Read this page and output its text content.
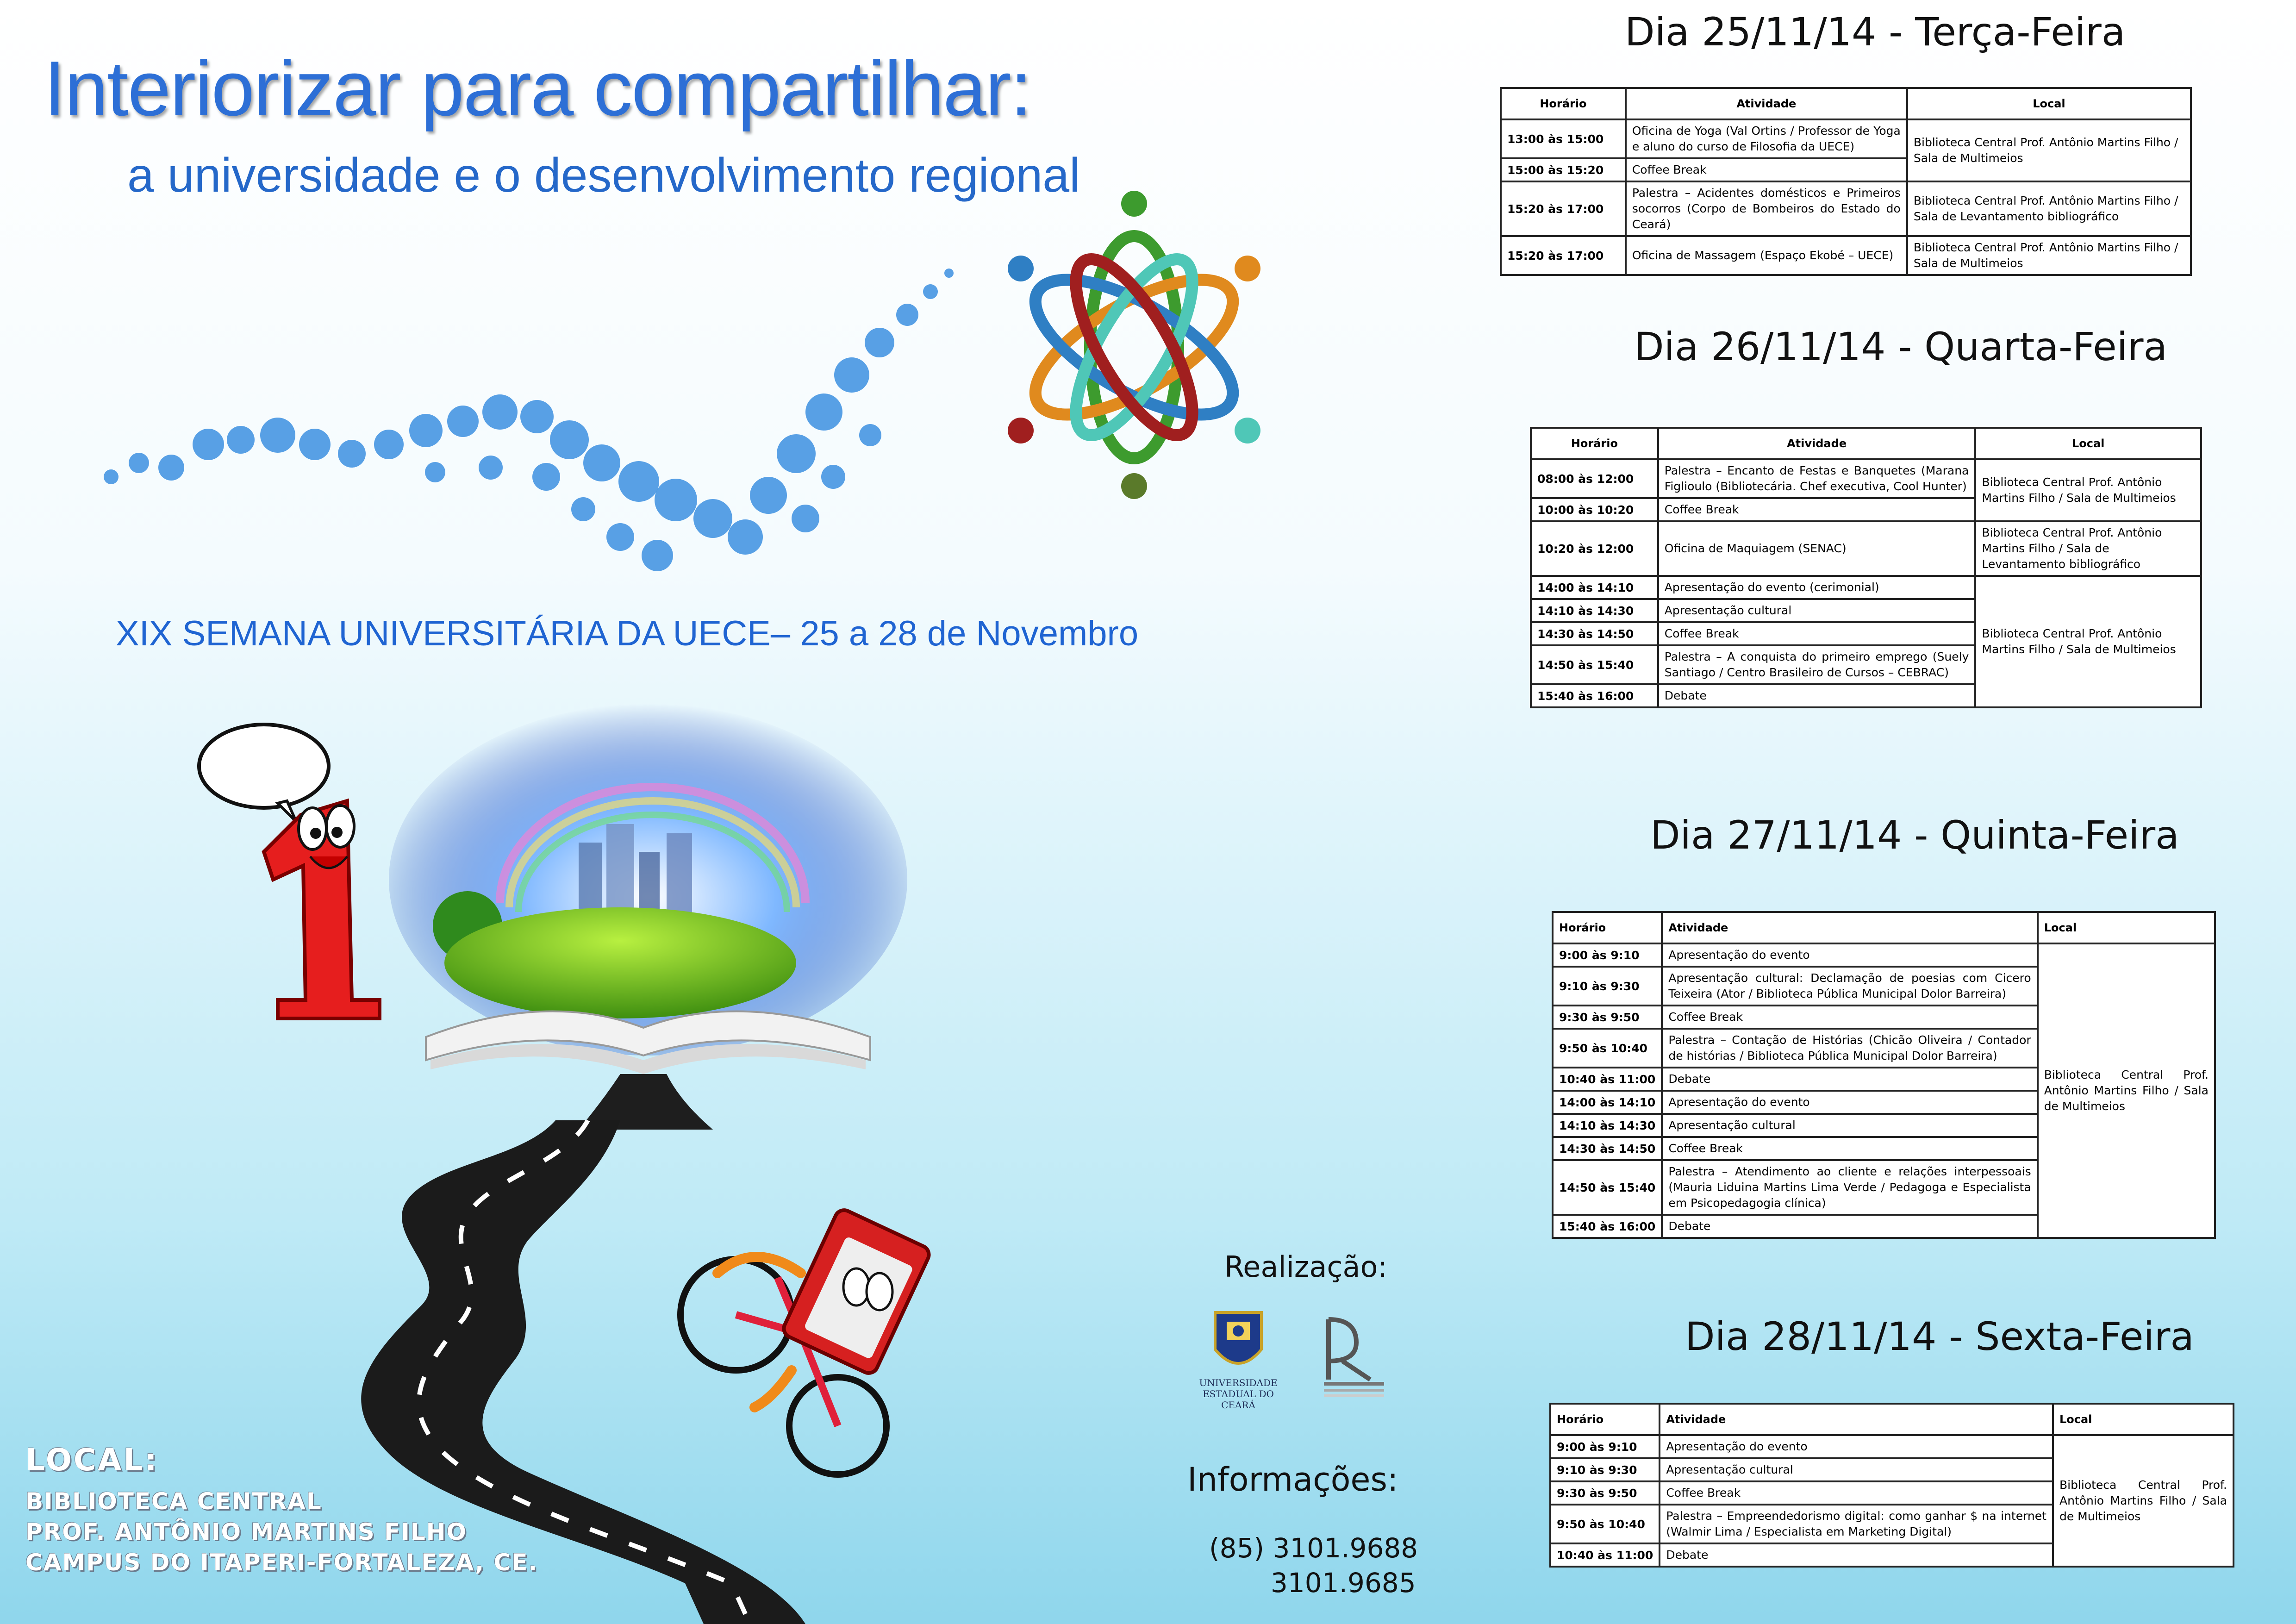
Interiorizar para compartilhar:
a universidade e o desenvolvimento regional
XIX SEMANA UNIVERSITÁRIA DA UECE– 25 a 28 de Novembro
Dia 25/11/14 - Terça-Feira
Horário	Atividade	Local
13:00 às 15:00	Oficina de Yoga (Val Ortins / Professor de Yoga e aluno do curso de Filosofia da UECE)	Biblioteca Central Prof. Antônio Martins Filho / Sala de Multimeios
15:00 às 15:20	Coffee Break	
15:20 às 17:00	Palestra – Acidentes domésticos e Primeiros socorros (Corpo de Bombeiros do Estado do Ceará)	Biblioteca Central Prof. Antônio Martins Filho / Sala de Levantamento bibliográfico
15:20 às 17:00	Oficina de Massagem (Espaço Ekobé – UECE)	Biblioteca Central Prof. Antônio Martins Filho / Sala de Multimeios
Dia 26/11/14 - Quarta-Feira
Horário	Atividade	Local
08:00 às 12:00	Palestra – Encanto de Festas e Banquetes (Marana Figlioulo (Bibliotecária. Chef executiva, Cool Hunter)	Biblioteca Central Prof. Antônio Martins Filho / Sala de Multimeios
10:00 às 10:20	Coffee Break	
10:20 às 12:00	Oficina de Maquiagem (SENAC)	Biblioteca Central Prof. Antônio Martins Filho / Sala de Levantamento bibliográfico
14:00 às 14:10	Apresentação do evento (cerimonial)	Biblioteca Central Prof. Antônio Martins Filho / Sala de Multimeios
14:10 às 14:30	Apresentação cultural	
14:30 às 14:50	Coffee Break	
14:50 às 15:40	Palestra – A conquista do primeiro emprego (Suely Santiago / Centro Brasileiro de Cursos – CEBRAC)	
15:40 às 16:00	Debate	
Dia 27/11/14 - Quinta-Feira
Horário	Atividade	Local
9:00 às 9:10	Apresentação do evento	Biblioteca Central Prof. Antônio Martins Filho / Sala de Multimeios
9:10 às 9:30	Apresentação cultural: Declamação de poesias com Cicero Teixeira (Ator / Biblioteca Pública Municipal Dolor Barreira)	
9:30 às 9:50	Coffee Break	
9:50 às 10:40	Palestra – Contação de Histórias (Chicão Oliveira / Contador de histórias / Biblioteca Pública Municipal Dolor Barreira)	
10:40 às 11:00	Debate	
14:00 às 14:10	Apresentação do evento	
14:10 às 14:30	Apresentação cultural	
14:30 às 14:50	Coffee Break	
14:50 às 15:40	Palestra – Atendimento ao cliente e relações interpessoais (Mauria Liduina Martins Lima Verde / Pedagoga e Especialista em Psicopedagogia clínica)	
15:40 às 16:00	Debate	
Dia 28/11/14 - Sexta-Feira
Horário	Atividade	Local
9:00 às 9:10	Apresentação do evento	Biblioteca Central Prof. Antônio Martins Filho / Sala de Multimeios
9:10 às 9:30	Apresentação cultural	
9:30 às 9:50	Coffee Break	
9:50 às 10:40	Palestra – Empreendedorismo digital: como ganhar $ na internet (Walmir Lima / Especialista em Marketing Digital)	
10:40 às 11:00	Debate	
Realização:
UNIVERSIDADE
ESTADUAL DO CEARÁ
Informações:
(85) 3101.9688
3101.9685
LOCAL:
BIBLIOTECA CENTRAL
PROF. ANTÔNIO MARTINS FILHO
CAMPUS DO ITAPERI-FORTALEZA, CE.
